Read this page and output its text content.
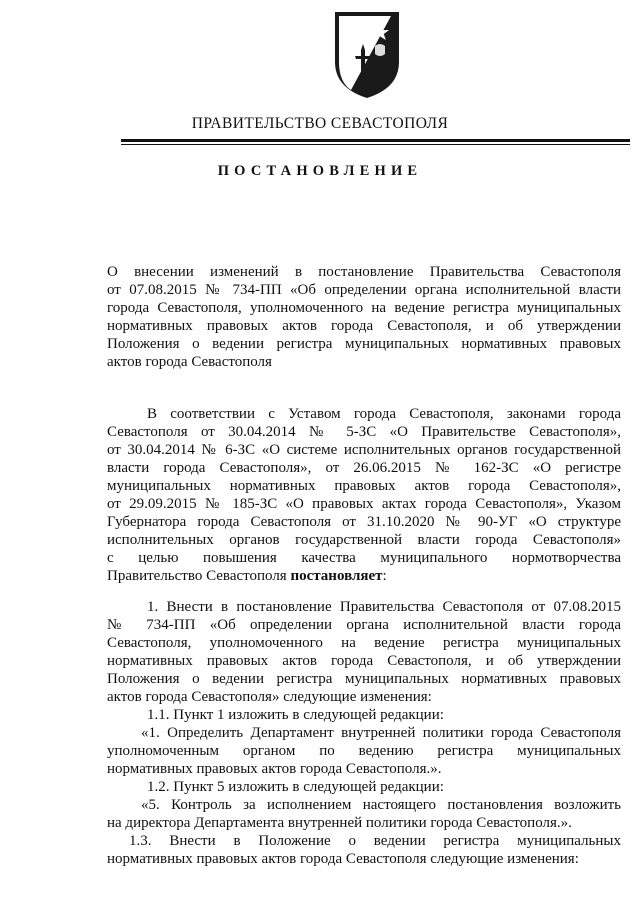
ПРАВИТЕЛЬСТВО СЕВАСТОПОЛЯ
ПОСТАНОВЛЕНИЕ
О внесении изменений в постановление Правительства Севастополя
от 07.08.2015 № 734-ПП «Об определении органа исполнительной власти
города Севастополя, уполномоченного на ведение регистра муниципальных
нормативных правовых актов города Севастополя, и об утверждении
Положения о ведении регистра муниципальных нормативных правовых
актов города Севастополя
В соответствии с Уставом города Севастополя, законами города
Севастополя от 30.04.2014 № 5-ЗС «О Правительстве Севастополя»,
от 30.04.2014 № 6-ЗС «О системе исполнительных органов государственной
власти города Севастополя», от 26.06.2015 № 162-ЗС «О регистре
муниципальных нормативных правовых актов города Севастополя»,
от 29.09.2015 № 185-ЗС «О правовых актах города Севастополя», Указом
Губернатора города Севастополя от 31.10.2020 № 90-УГ «О структуре
исполнительных органов государственной власти города Севастополя»
с целью повышения качества муниципального нормотворчества
Правительство Севастополя постановляет:
1. Внести в постановление Правительства Севастополя от 07.08.2015
№ 734-ПП «Об определении органа исполнительной власти города
Севастополя, уполномоченного на ведение регистра муниципальных
нормативных правовых актов города Севастополя, и об утверждении
Положения о ведении регистра муниципальных нормативных правовых
актов города Севастополя» следующие изменения:
1.1. Пункт 1 изложить в следующей редакции:
«1. Определить Департамент внутренней политики города Севастополя
уполномоченным органом по ведению регистра муниципальных
нормативных правовых актов города Севастополя.».
1.2. Пункт 5 изложить в следующей редакции:
«5. Контроль за исполнением настоящего постановления возложить
на директора Департамента внутренней политики города Севастополя.».
1.3. Внести в Положение о ведении регистра муниципальных
нормативных правовых актов города Севастополя следующие изменения:
